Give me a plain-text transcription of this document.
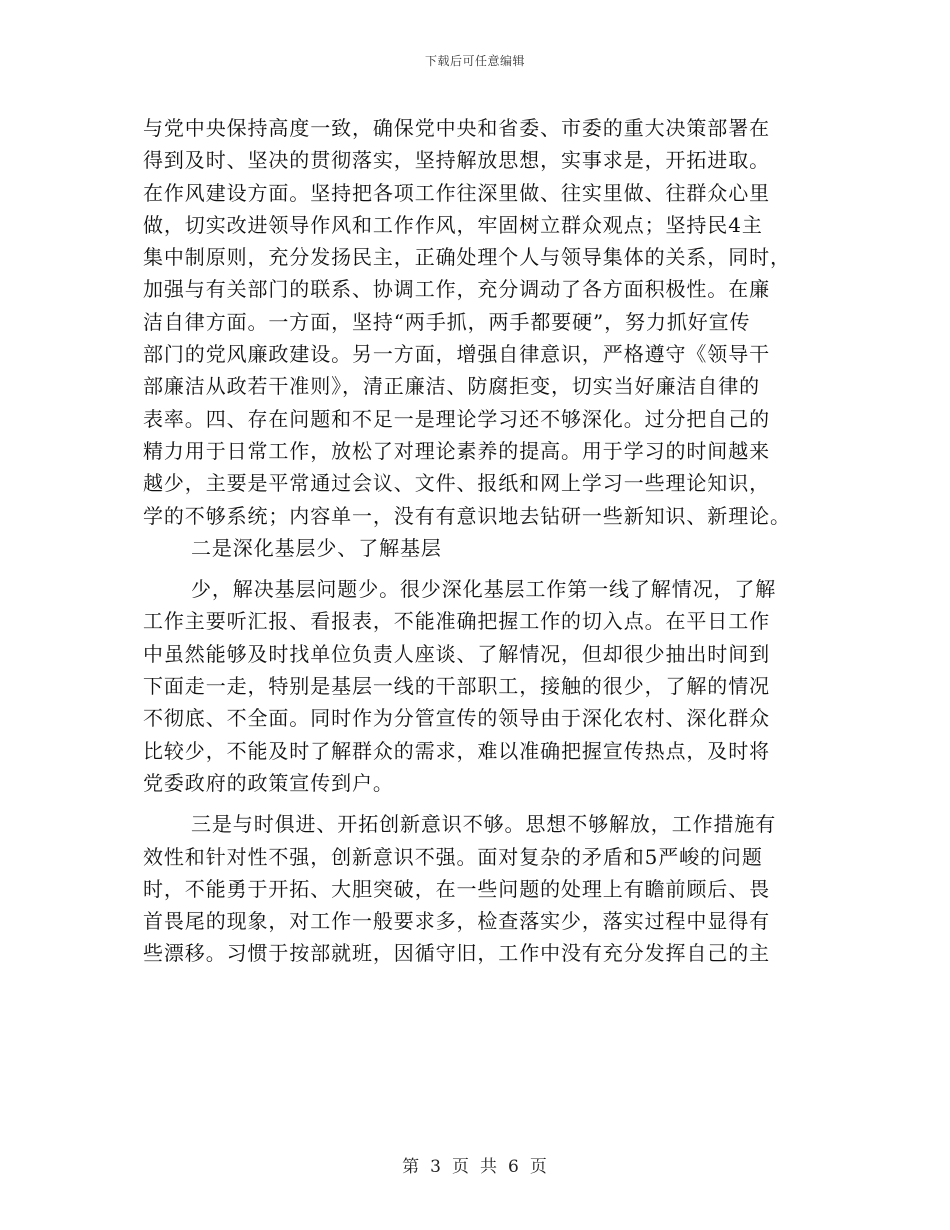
下载后可任意编辑
与党中央保持高度一致，确保党中央和省委、市委的重大决策部署在
得到及时、坚决的贯彻落实，坚持解放思想，实事求是，开拓进取。
在作风建设方面。坚持把各项工作往深里做、往实里做、往群众心里
做，切实改进领导作风和工作作风，牢固树立群众观点；坚持民4主
集中制原则，充分发扬民主，正确处理个人与领导集体的关系，同时，
加强与有关部门的联系、协调工作，充分调动了各方面积极性。在廉
洁自律方面。一方面，坚持“两手抓，两手都要硬”，努力抓好宣传
部门的党风廉政建设。另一方面，增强自律意识，严格遵守《领导干
部廉洁从政若干准则》，清正廉洁、防腐拒变，切实当好廉洁自律的
表率。四、存在问题和不足一是理论学习还不够深化。过分把自己的
精力用于日常工作，放松了对理论素养的提高。用于学习的时间越来
越少，主要是平常通过会议、文件、报纸和网上学习一些理论知识，
学的不够系统；内容单一，没有有意识地去钻研一些新知识、新理论。
二是深化基层少、了解基层
少，解决基层问题少。很少深化基层工作第一线了解情况，了解
工作主要听汇报、看报表，不能准确把握工作的切入点。在平日工作
中虽然能够及时找单位负责人座谈、了解情况，但却很少抽出时间到
下面走一走，特别是基层一线的干部职工，接触的很少，了解的情况
不彻底、不全面。同时作为分管宣传的领导由于深化农村、深化群众
比较少，不能及时了解群众的需求，难以准确把握宣传热点，及时将
党委政府的政策宣传到户。
三是与时俱进、开拓创新意识不够。思想不够解放，工作措施有
效性和针对性不强，创新意识不强。面对复杂的矛盾和5严峻的问题
时，不能勇于开拓、大胆突破，在一些问题的处理上有瞻前顾后、畏
首畏尾的现象，对工作一般要求多，检查落实少，落实过程中显得有
些漂移。习惯于按部就班，因循守旧，工作中没有充分发挥自己的主
第 3 页 共 6 页
